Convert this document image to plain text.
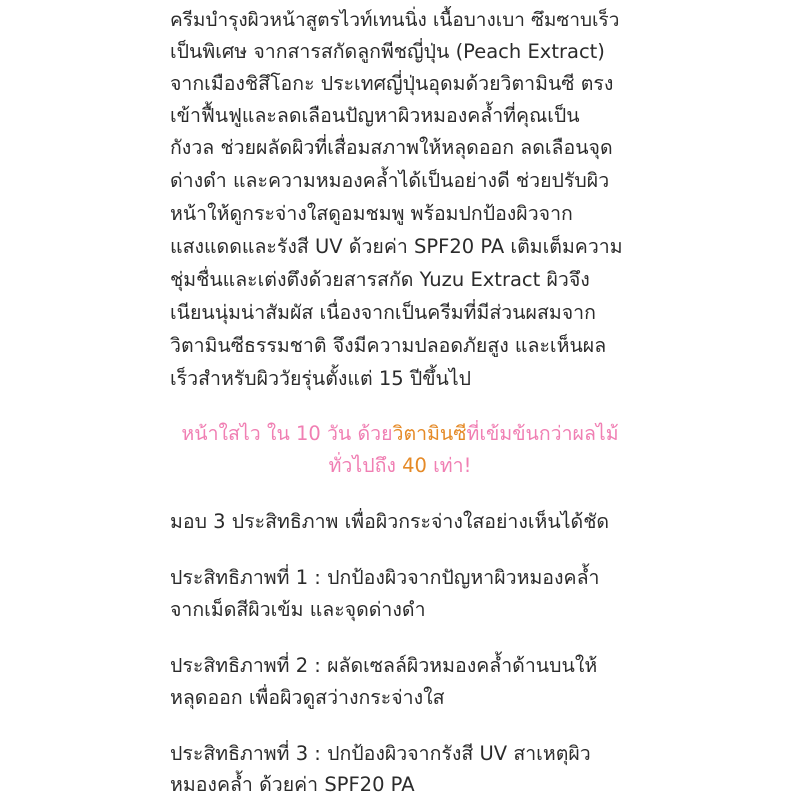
ครีมบำรุงผิวหน้าสูตรไวท์เทนนิ่ง เนื้อบางเบา ซึมซาบเร็ว
เป็นพิเศษ จากสารสกัดลูกพีชญี่ปุ่น (Peach Extract)
จากเมืองชิสึโอกะ ประเทศญี่ปุ่นอุดมด้วยวิตามินซี ตรง
เข้าฟื้นฟูและลดเลือนปัญหาผิวหมองคล้ำที่คุณเป็น
กังวล ช่วยผลัดผิวที่เสื่อมสภาพให้หลุดออก ลดเลือนจุด
ด่างดำ และความหมองคล้ำได้เป็นอย่างดี ช่วยปรับผิว
หน้าให้ดูกระจ่างใสดูอมชมพู พร้อมปกป้องผิวจาก
แสงแดดและรังสี UV ด้วยค่า SPF20 PA เติมเต็มความ
ชุ่มชื่นและเต่งตึงด้วยสารสกัด Yuzu Extract ผิวจึง
เนียนนุ่มน่าสัมผัส เนื่องจากเป็นครีมที่มีส่วนผสมจาก
วิตามินซีธรรมชาติ จึงมีความปลอดภัยสูง และเห็นผล
เร็วสำหรับผิววัยรุ่นตั้งแต่ 15 ปีขึ้นไป
หน้าใสไว ใน 10 วัน ด้วยวิตามินซีที่เข้มข้นกว่าผลไม้
ทั่วไปถึง 40 เท่า!
มอบ 3 ประสิทธิภาพ เพื่อผิวกระจ่างใสอย่างเห็นได้ชัด
ประสิทธิภาพที่ 1 : ปกป้องผิวจากปัญหาผิวหมองคล้ำ
จากเม็ดสีผิวเข้ม และจุดด่างดำ
ประสิทธิภาพที่ 2 : ผลัดเซลล์ผิวหมองคล้ำด้านบนให้
หลุดออก เพื่อผิวดูสว่างกระจ่างใส
ประสิทธิภาพที่ 3 : ปกป้องผิวจากรังสี UV สาเหตุผิว
หมองคล้ำ ด้วยค่า SPF20 PA
